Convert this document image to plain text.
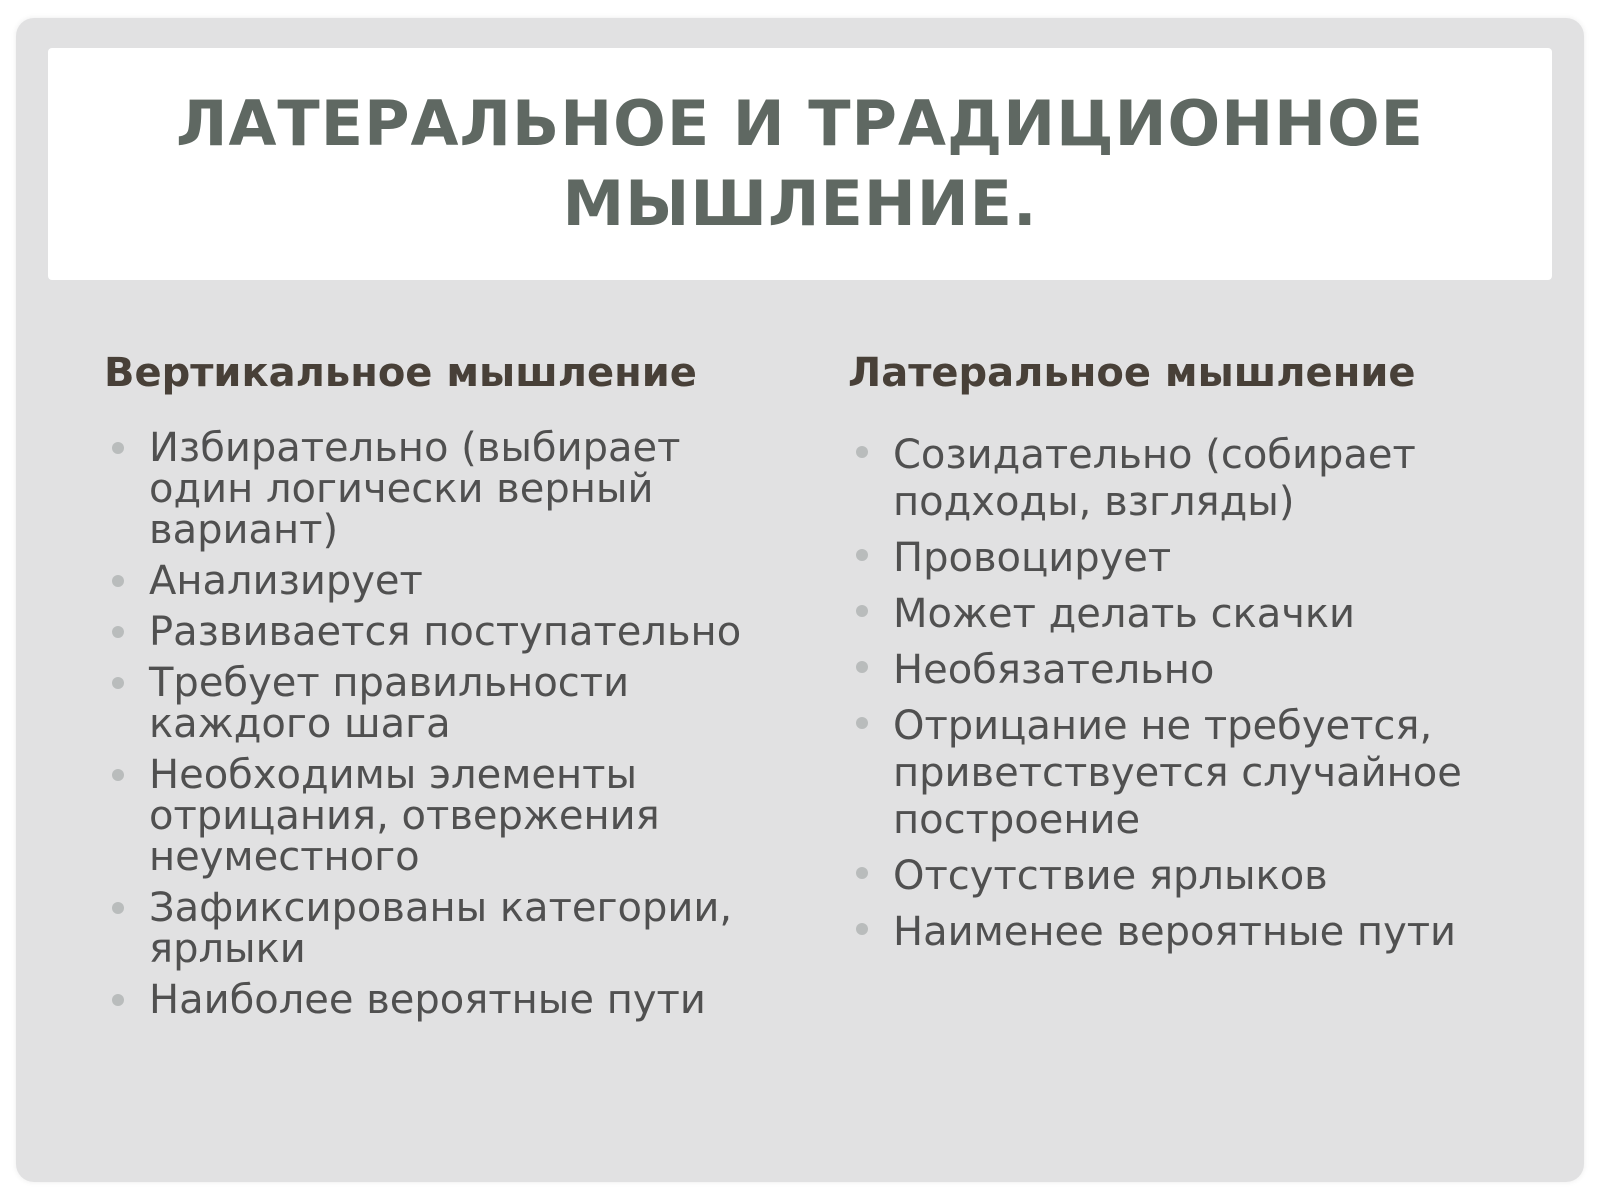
ЛАТЕРАЛЬНОЕ И ТРАДИЦИОННОЕ МЫШЛЕНИЕ.
Вертикальное мышление
Избирательно (выбирает один логически верный вариант)
Анализирует
Развивается поступательно
Требует правильности каждого шага
Необходимы элементы отрицания, отвержения неуместного
Зафиксированы категории, ярлыки
Наиболее вероятные пути
Латеральное мышление
Созидательно (собирает подходы, взгляды)
Провоцирует
Может делать скачки
Необязательно
Отрицание не требуется, приветствуется случайное построение
Отсутствие ярлыков
Наименее вероятные пути
